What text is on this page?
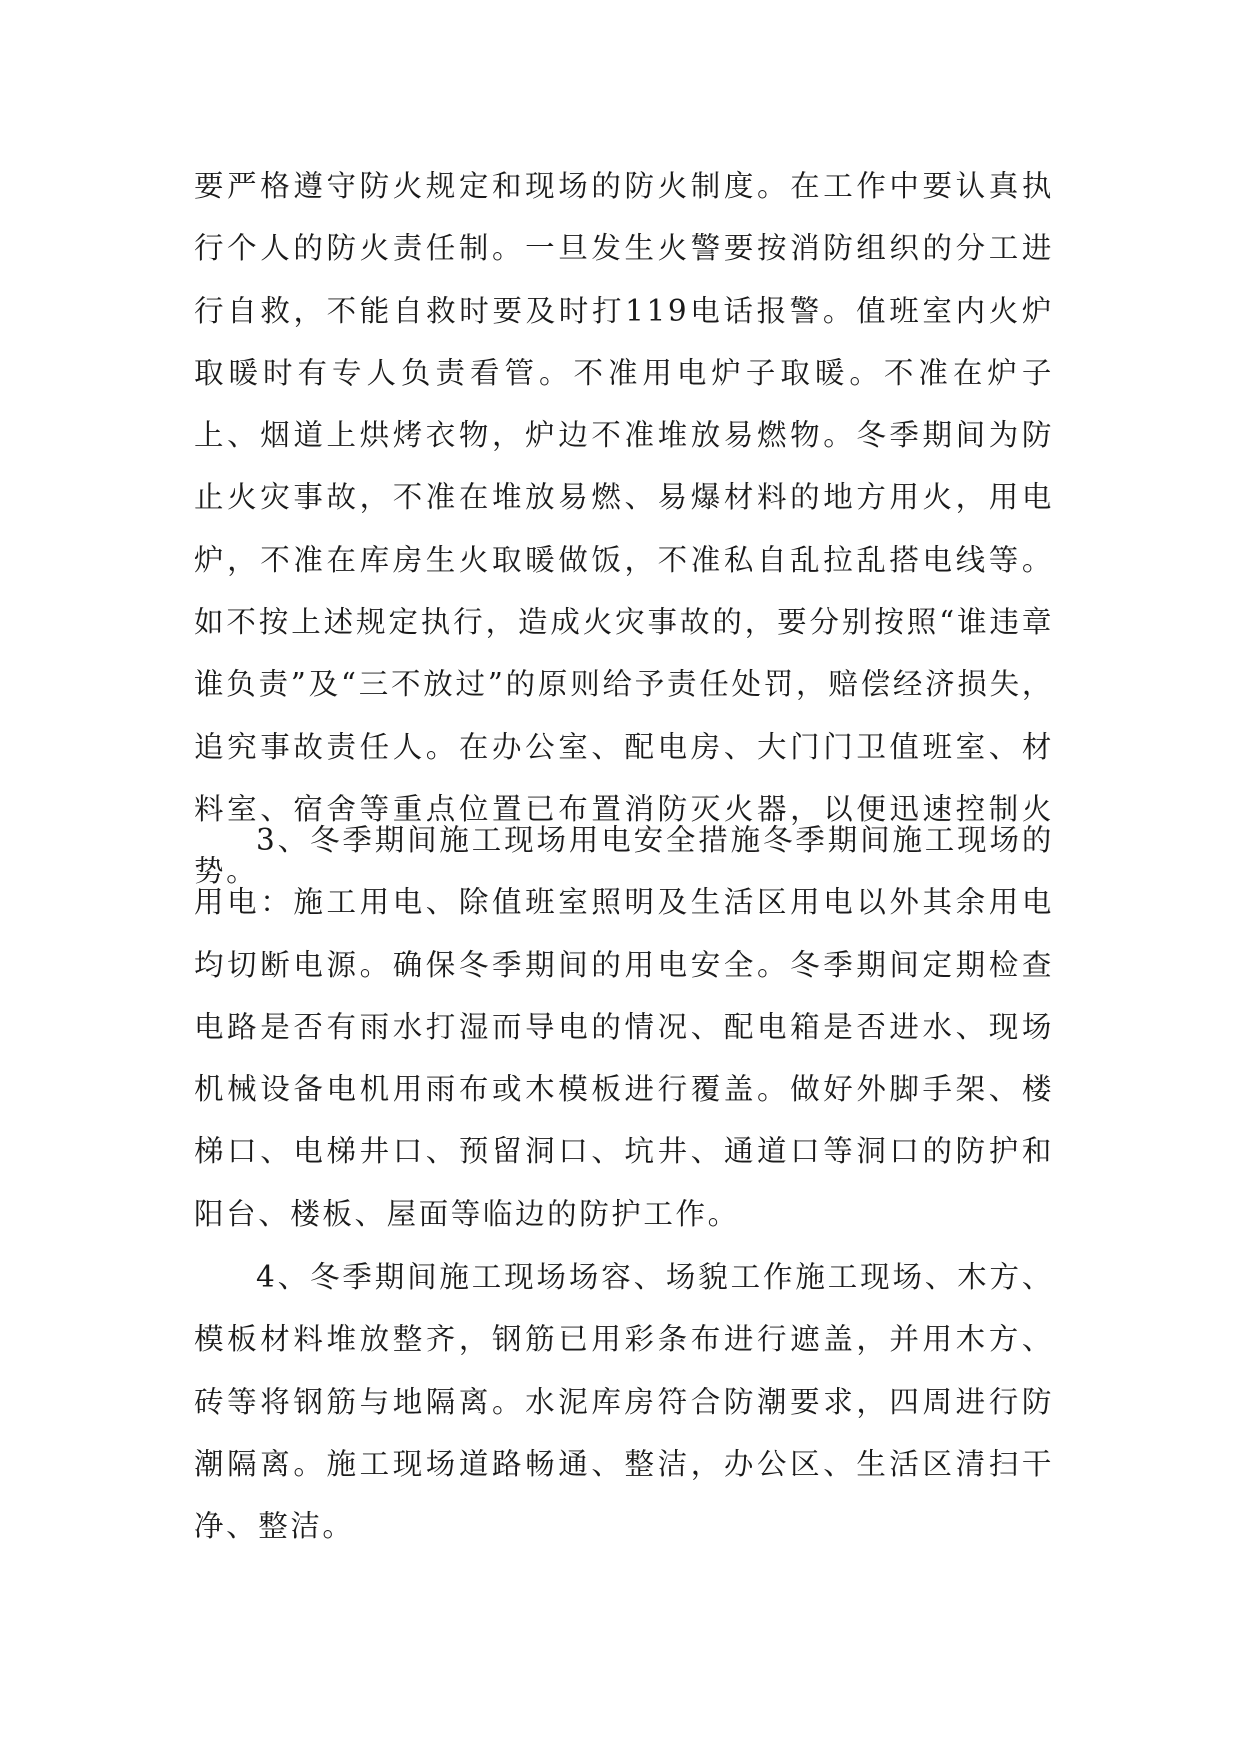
要严格遵守防火规定和现场的防火制度。在工作中要认真执行个人的防火责任制。一旦发生火警要按消防组织的分工进行自救，不能自救时要及时打119电话报警。值班室内火炉取暖时有专人负责看管。不准用电炉子取暖。不准在炉子上、烟道上烘烤衣物，炉边不准堆放易燃物。冬季期间为防止火灾事故，不准在堆放易燃、易爆材料的地方用火，用电炉，不准在库房生火取暖做饭，不准私自乱拉乱搭电线等。如不按上述规定执行，造成火灾事故的，要分别按照“谁违章谁负责”及“三不放过”的原则给予责任处罚，赔偿经济损失，追究事故责任人。在办公室、配电房、大门门卫值班室、材料室、宿舍等重点位置已布置消防灭火器，以便迅速控制火势。

3、冬季期间施工现场用电安全措施冬季期间施工现场的用电：施工用电、除值班室照明及生活区用电以外其余用电均切断电源。确保冬季期间的用电安全。冬季期间定期检查电路是否有雨水打湿而导电的情况、配电箱是否进水、现场机械设备电机用雨布或木模板进行覆盖。做好外脚手架、楼梯口、电梯井口、预留洞口、坑井、通道口等洞口的防护和阳台、楼板、屋面等临边的防护工作。

4、冬季期间施工现场场容、场貌工作施工现场、木方、模板材料堆放整齐，钢筋已用彩条布进行遮盖，并用木方、砖等将钢筋与地隔离。水泥库房符合防潮要求，四周进行防潮隔离。施工现场道路畅通、整洁，办公区、生活区清扫干净、整洁。
